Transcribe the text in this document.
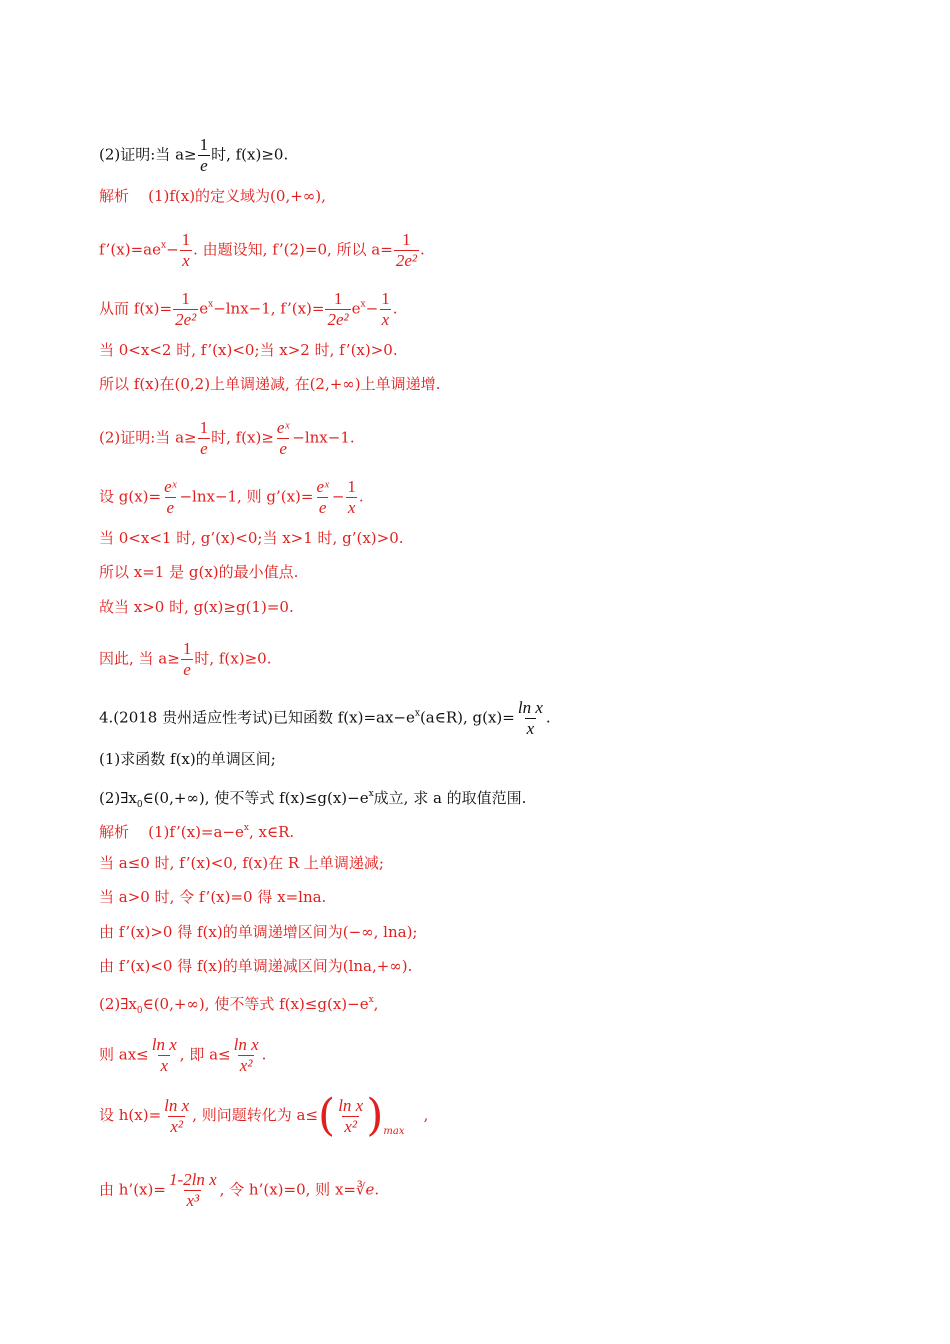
(2)证明:当 $a\ge \frac{1}{e}$ 时, f(x)≥0.
解析 (1)f(x)的定义域为(0,+∞),
$f’(x)=ae^x- \frac{1}{x}$ . 由题设知, f’(2)=0, 所以 $a= \frac{1}{\text{2e²}}$ .
从而 $f(x)= \frac{1}{\text{2e²}} e^x-\ln x-1$, f’(x)= $\frac{1}{\text{2e²}} e^x- \frac{1}{x}$ .
当 0<x<2 时, f’(x)<0;当 x>2 时, f’(x)>0.
所以 f(x)在(0,2)上单调递减, 在(2,+∞)上单调递增.
(2)证明:当 $a\ge \frac{1}{e}$ 时, $f(x)\ge \frac{\text{eˣ}}{e} -\ln x-1$.
设 $g(x)= \frac{\text{eˣ}}{e} -\ln x-1$, 则 g’(x)= $\frac{\text{eˣ}}{e} - \frac{1}{x}$ .
当 0<x<1 时, g’(x)<0;当 x>1 时, g’(x)>0.
所以 x=1 是 g(x)的最小值点.
故当 x>0 时, g(x)≥g(1)=0.
因此, 当 $a\ge \frac{1}{e}$ 时, f(x)≥0.
4.(2018 贵州适应性考试)已知函数 $f(x)=ax-e^x(a\in R)$, $g(x)= \frac{\text{ln x}}{x}$ .
(1)求函数 f(x)的单调区间;
$(2)\exists x_0\in(0,+\infty)$, 使不等式 $f(x)\le g(x)-e^x$成立, 求 a 的取值范围.
解析 $(1)f’(x)=a-e^x$, x∈R.
当 a≤0 时, f’(x)<0, f(x)在 R 上单调递减;
当 a>0 时, 令 f’(x)=0 得 x=lna.
由 f’(x)>0 得 f(x)的单调递增区间为(−∞, lna);
由 f’(x)<0 得 f(x)的单调递减区间为(lna,+∞).
$(2)\exists x_0\in(0,+\infty)$, 使不等式 $f(x)\le g(x)-e^x$,
则 $ax\le \frac{\text{ln x}}{x}$ , 即 $a\le \frac{\text{ln x}}{\text{x²}}$ .
设 $h(x)= \frac{\text{ln x}}{\text{x²}}$ , 则问题转化为 $a\le( \frac{\text{ln x}}{\text{x²}} )_{max}$    ,
由 h’(x)= $\frac{\text{1-2ln x}}{\text{x³}}$ , 令 h’(x)=0, 则 x=∛e.
